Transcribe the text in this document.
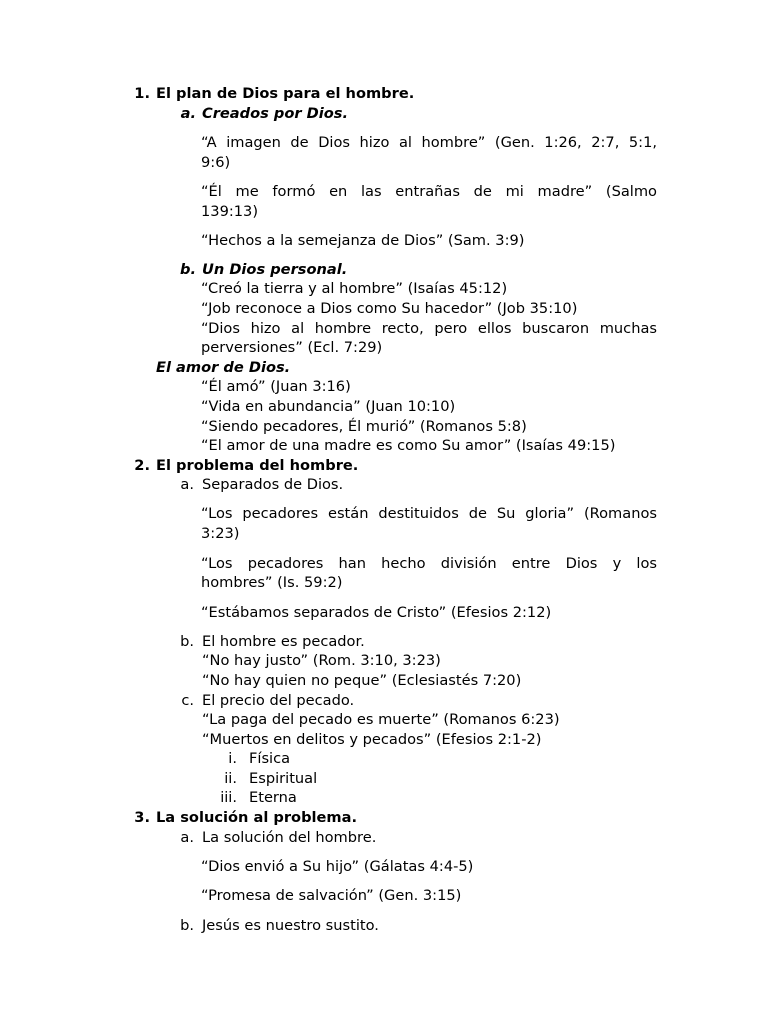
1. El plan de Dios para el hombre.
a. Creados por Dios.
“A imagen de Dios hizo al hombre” (Gen. 1:26, 2:7, 5:1,
9:6)
“Él me formó en las entrañas de mi madre” (Salmo
139:13)
“Hechos a la semejanza de Dios” (Sam. 3:9)
b. Un Dios personal.
“Creó la tierra y al hombre” (Isaías 45:12)
“Job reconoce a Dios como Su hacedor” (Job 35:10)
“Dios hizo al hombre recto, pero ellos buscaron muchas
perversiones” (Ecl. 7:29)
El amor de Dios.
“Él amó” (Juan 3:16)
“Vida en abundancia” (Juan 10:10)
“Siendo pecadores, Él murió” (Romanos 5:8)
“El amor de una madre es como Su amor” (Isaías 49:15)
2. El problema del hombre.
a. Separados de Dios.
“Los pecadores están destituidos de Su gloria” (Romanos
3:23)
“Los pecadores han hecho división entre Dios y los
hombres” (Is. 59:2)
“Estábamos separados de Cristo” (Efesios 2:12)
b. El hombre es pecador.
“No hay justo” (Rom. 3:10, 3:23)
“No hay quien no peque” (Eclesiastés 7:20)
c. El precio del pecado.
“La paga del pecado es muerte” (Romanos 6:23)
“Muertos en delitos y pecados” (Efesios 2:1-2)
i. Física
ii. Espiritual
iii. Eterna
3. La solución al problema.
a. La solución del hombre.
“Dios envió a Su hijo” (Gálatas 4:4-5)
“Promesa de salvación” (Gen. 3:15)
b. Jesús es nuestro sustito.
